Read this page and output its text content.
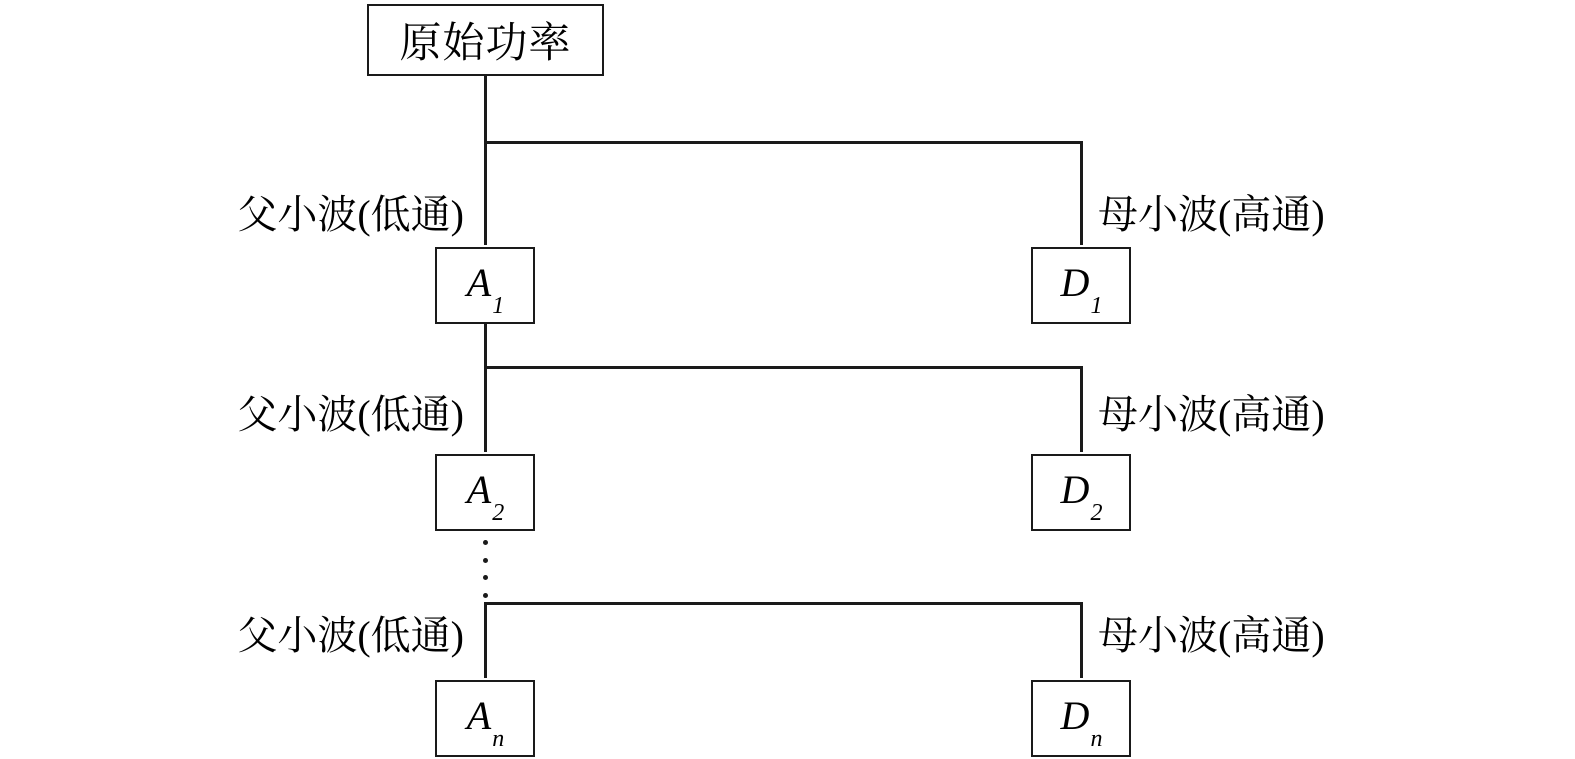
原始功率
父小波(低通)	母小波(高通)
$A_1$
$D_1$
父小波(低通)	母小波(高通)
$A_2$
$D_2$
父小波(低通)	母小波(高通)
$A_n$
$D_n$
